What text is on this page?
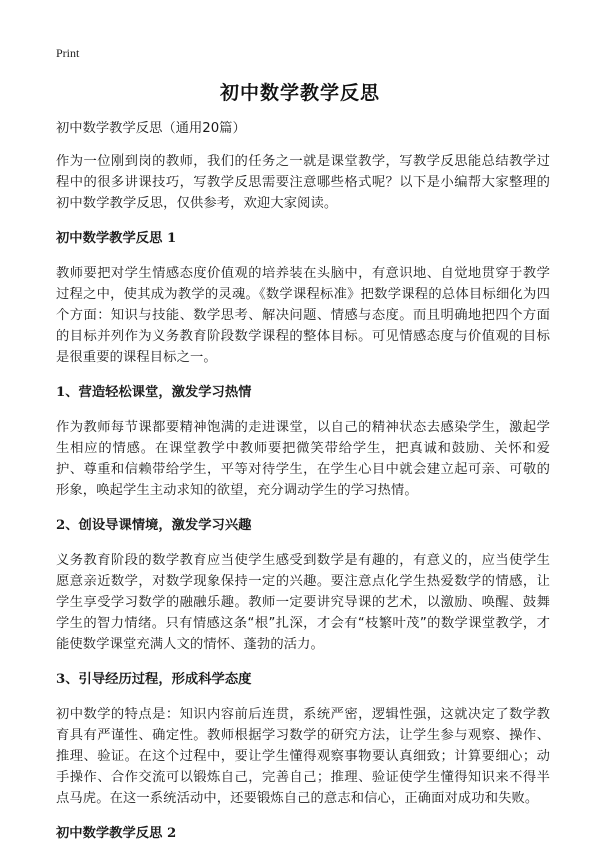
Print
初中数学教学反思
初中数学教学反思（通用20篇）
作为一位刚到岗的教师，我们的任务之一就是课堂教学，写教学反思能总结教学过程中的很多讲课技巧，写教学反思需要注意哪些格式呢？以下是小编帮大家整理的初中数学教学反思，仅供参考，欢迎大家阅读。
初中数学教学反思 1
教师要把对学生情感态度价值观的培养装在头脑中，有意识地、自觉地贯穿于教学过程之中，使其成为教学的灵魂。《数学课程标准》把数学课程的总体目标细化为四个方面：知识与技能、数学思考、解决问题、情感与态度。而且明确地把四个方面的目标并列作为义务教育阶段数学课程的整体目标。可见情感态度与价值观的目标是很重要的课程目标之一。
1、营造轻松课堂，激发学习热情
作为教师每节课都要精神饱满的走进课堂，以自己的精神状态去感染学生，激起学生相应的情感。在课堂教学中教师要把微笑带给学生，把真诚和鼓励、关怀和爱护、尊重和信赖带给学生，平等对待学生，在学生心目中就会建立起可亲、可敬的形象，唤起学生主动求知的欲望，充分调动学生的学习热情。
2、创设导课情境，激发学习兴趣
义务教育阶段的数学教育应当使学生感受到数学是有趣的，有意义的，应当使学生愿意亲近数学，对数学现象保持一定的兴趣。要注意点化学生热爱数学的情感，让学生享受学习数学的融融乐趣。教师一定要讲究导课的艺术，以激励、唤醒、鼓舞学生的智力情绪。只有情感这条“根”扎深，才会有“枝繁叶茂”的数学课堂教学，才能使数学课堂充满人文的情怀、蓬勃的活力。
3、引导经历过程，形成科学态度
初中数学的特点是：知识内容前后连贯，系统严密，逻辑性强，这就决定了数学教育具有严谨性、确定性。教师根据学习数学的研究方法，让学生参与观察、操作、推理、验证。在这个过程中，要让学生懂得观察事物要认真细致；计算要细心；动手操作、合作交流可以锻炼自己，完善自己；推理、验证使学生懂得知识来不得半点马虎。在这一系统活动中，还要锻炼自己的意志和信心，正确面对成功和失败。
初中数学教学反思 2
